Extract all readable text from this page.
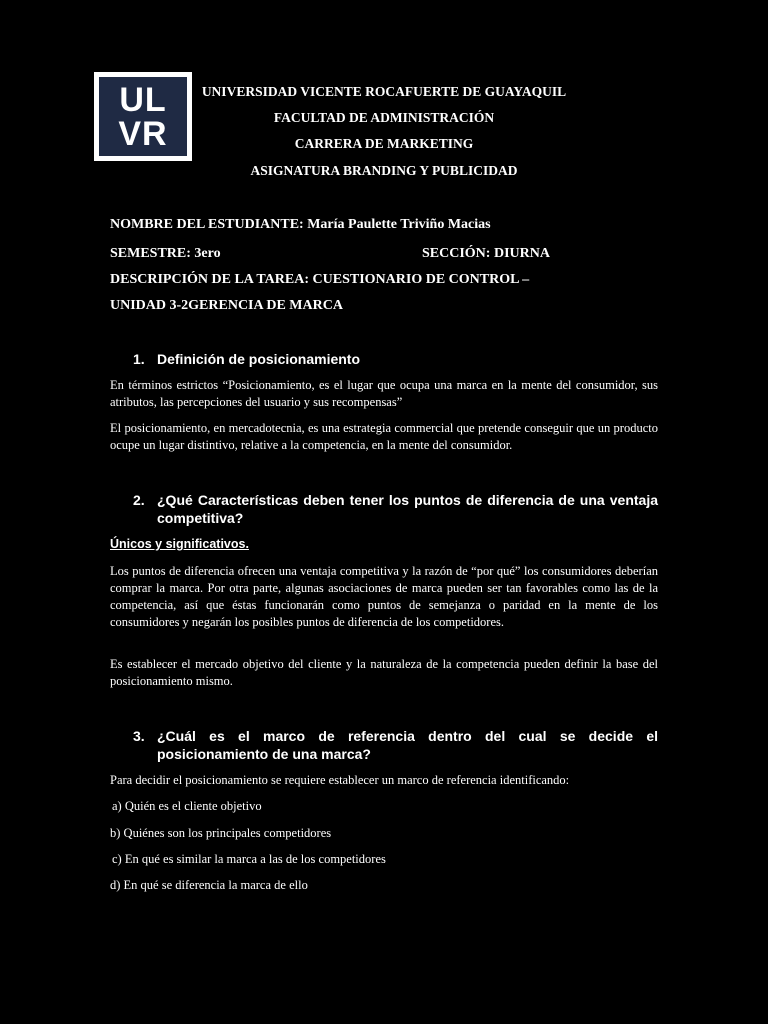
UL
VR
UNIVERSIDAD VICENTE ROCAFUERTE DE GUAYAQUIL
FACULTAD DE ADMINISTRACIÓN
CARRERA DE MARKETING
ASIGNATURA BRANDING Y PUBLICIDAD
NOMBRE DEL ESTUDIANTE: María Paulette Triviño Macias
SEMESTRE: 3ero	SECCIÓN: DIURNA
DESCRIPCIÓN DE LA TAREA: CUESTIONARIO DE CONTROL –
UNIDAD 3-2GERENCIA DE MARCA
1. Definición de posicionamiento
En términos estrictos “Posicionamiento, es el lugar que ocupa una marca en la mente del consumidor, sus atributos, las percepciones del usuario y sus recompensas”
El posicionamiento, en mercadotecnia, es una estrategia commercial que pretende conseguir que un producto ocupe un lugar distintivo, relative a la competencia, en la mente del consumidor.
2. ¿Qué Características deben tener los puntos de diferencia de una ventaja competitiva?
Únicos y significativos.
Los puntos de diferencia ofrecen una ventaja competitiva y la razón de “por qué” los consumidores deberían comprar la marca. Por otra parte, algunas asociaciones de marca pueden ser tan favorables como las de la competencia, así que éstas funcionarán como puntos de semejanza o paridad en la mente de los consumidores y negarán los posibles puntos de diferencia de los competidores.
Es establecer el mercado objetivo del cliente y la naturaleza de la competencia pueden definir la base del posicionamiento mismo.
3. ¿Cuál es el marco de referencia dentro del cual se decide el posicionamiento de una marca?
Para decidir el posicionamiento se requiere establecer un marco de referencia identificando:
a) Quién es el cliente objetivo
b) Quiénes son los principales competidores
c) En qué es similar la marca a las de los competidores
d) En qué se diferencia la marca de ello
